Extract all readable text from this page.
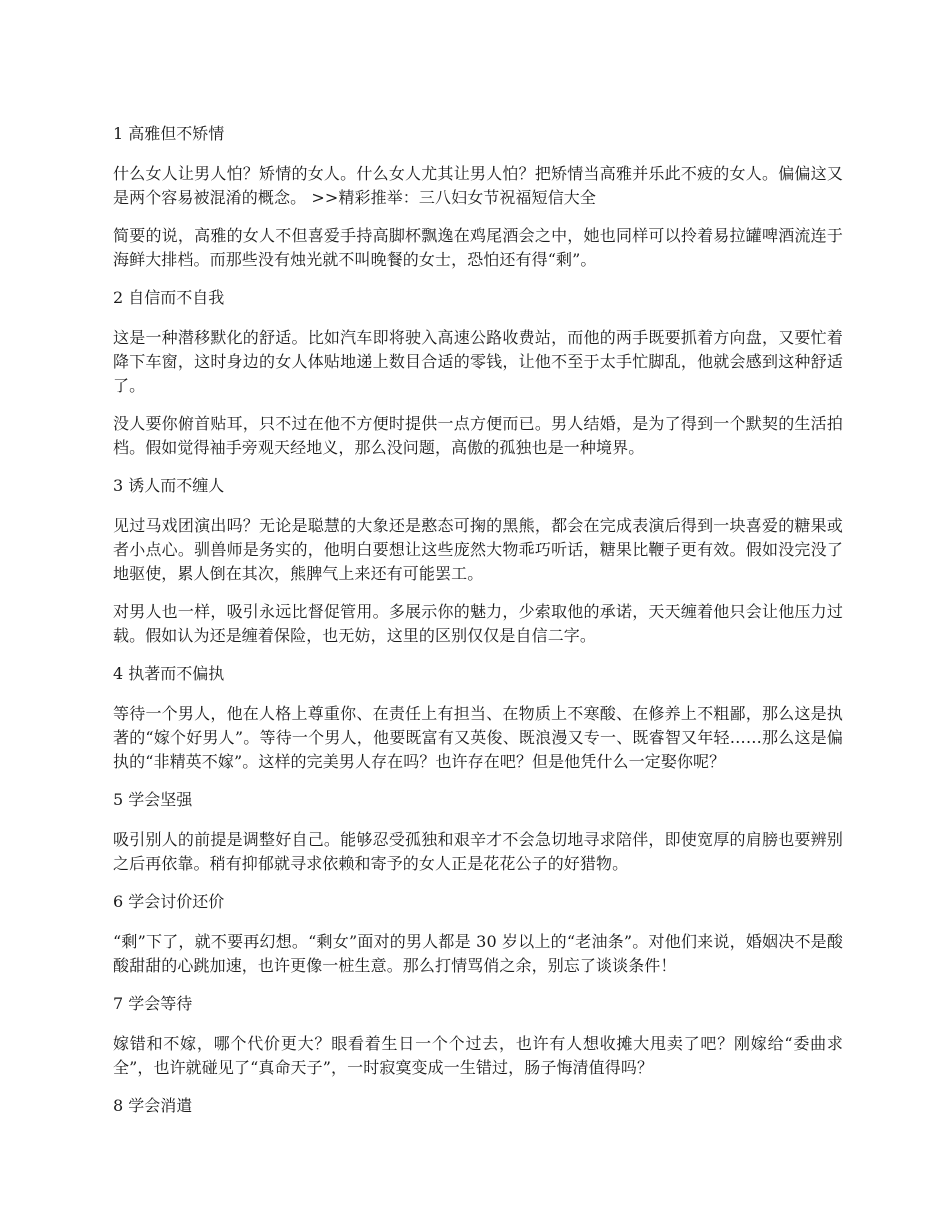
1 高雅但不矫情

什么女人让男人怕？矫情的女人。什么女人尤其让男人怕？把矫情当高雅并乐此不疲的女人。偏偏这又是两个容易被混淆的概念。 >>精彩推举：三八妇女节祝福短信大全

简要的说，高雅的女人不但喜爱手持高脚杯飘逸在鸡尾酒会之中，她也同样可以拎着易拉罐啤酒流连于海鲜大排档。而那些没有烛光就不叫晚餐的女士，恐怕还有得“剩”。

2 自信而不自我

这是一种潜移默化的舒适。比如汽车即将驶入高速公路收费站，而他的两手既要抓着方向盘，又要忙着降下车窗，这时身边的女人体贴地递上数目合适的零钱，让他不至于太手忙脚乱，他就会感到这种舒适了。

没人要你俯首贴耳，只不过在他不方便时提供一点方便而已。男人结婚，是为了得到一个默契的生活拍档。假如觉得袖手旁观天经地义，那么没问题，高傲的孤独也是一种境界。

3 诱人而不缠人

见过马戏团演出吗？无论是聪慧的大象还是憨态可掬的黑熊，都会在完成表演后得到一块喜爱的糖果或者小点心。驯兽师是务实的，他明白要想让这些庞然大物乖巧听话，糖果比鞭子更有效。假如没完没了地驱使，累人倒在其次，熊脾气上来还有可能罢工。

对男人也一样，吸引永远比督促管用。多展示你的魅力，少索取他的承诺，天天缠着他只会让他压力过载。假如认为还是缠着保险，也无妨，这里的区别仅仅是自信二字。

4 执著而不偏执

等待一个男人，他在人格上尊重你、在责任上有担当、在物质上不寒酸、在修养上不粗鄙，那么这是执著的“嫁个好男人”。等待一个男人，他要既富有又英俊、既浪漫又专一、既睿智又年轻……那么这是偏执的“非精英不嫁”。这样的完美男人存在吗？也许存在吧？但是他凭什么一定娶你呢？

5 学会坚强

吸引别人的前提是调整好自己。能够忍受孤独和艰辛才不会急切地寻求陪伴，即使宽厚的肩膀也要辨别之后再依靠。稍有抑郁就寻求依赖和寄予的女人正是花花公子的好猎物。

6 学会讨价还价

“剩”下了，就不要再幻想。“剩女”面对的男人都是 30 岁以上的“老油条”。对他们来说，婚姻决不是酸酸甜甜的心跳加速，也许更像一桩生意。那么打情骂俏之余，别忘了谈谈条件！

7 学会等待

嫁错和不嫁，哪个代价更大？眼看着生日一个个过去，也许有人想收摊大甩卖了吧？刚嫁给“委曲求全”，也许就碰见了“真命天子”，一时寂寞变成一生错过，肠子悔清值得吗？

8 学会消遣
